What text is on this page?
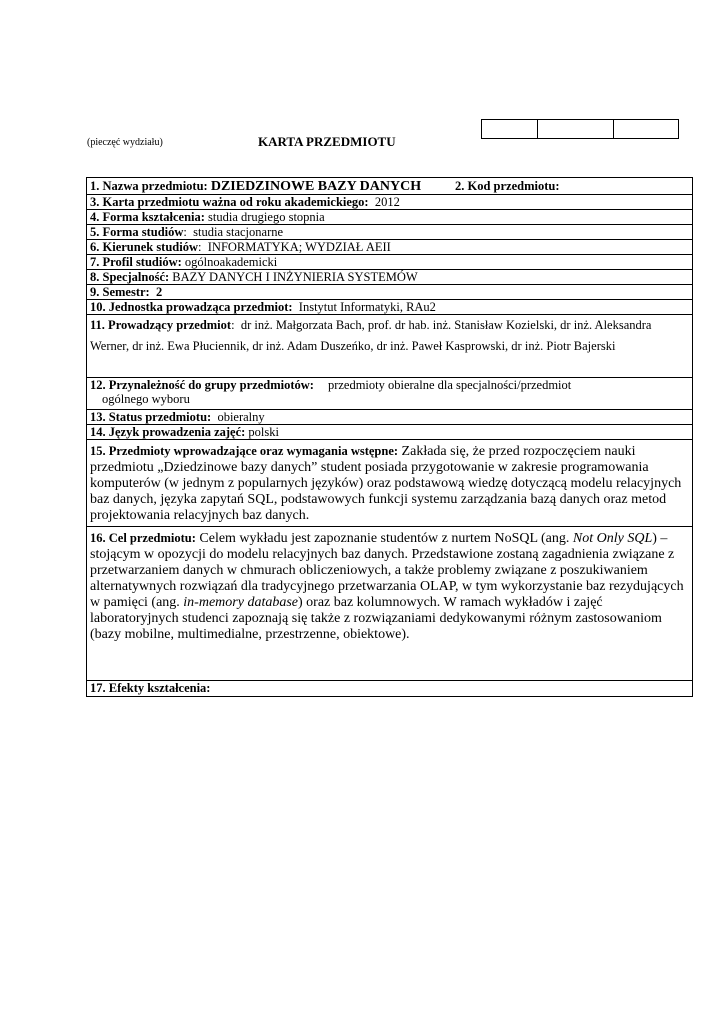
(pieczęć wydziału)	KARTA PRZEDMIOTU
1. Nazwa przedmiotu: DZIEDZINOWE BAZY DANYCH	2. Kod przedmiotu:
3. Karta przedmiotu ważna od roku akademickiego: 2012
4. Forma kształcenia: studia drugiego stopnia
5. Forma studiów:  studia stacjonarne
6. Kierunek studiów:  INFORMATYKA; WYDZIAŁ AEII
7. Profil studiów: ogólnoakademicki
8. Specjalność: BAZY DANYCH I INŻYNIERIA SYSTEMÓW
9. Semestr: 2
10. Jednostka prowadząca przedmiot: Instytut Informatyki, RAu2
11. Prowadzący przedmiot:  dr inż. Małgorzata Bach, prof. dr hab. inż. Stanisław Kozielski, dr inż. Aleksandra Werner, dr inż. Ewa Płuciennik, dr inż. Adam Duszeńko, dr inż. Paweł Kasprowski, dr inż. Piotr Bajerski
12. Przynależność do grupy przedmiotów: przedmioty obieralne dla specjalności/przedmiot
ogólnego wyboru
13. Status przedmiotu: obieralny
14. Język prowadzenia zajęć: polski
15. Przedmioty wprowadzające oraz wymagania wstępne: Zakłada się, że przed rozpoczęciem nauki przedmiotu „Dziedzinowe bazy danych” student posiada przygotowanie w zakresie programowania komputerów (w jednym z popularnych języków) oraz podstawową wiedzę dotyczącą modelu relacyjnych baz danych, języka zapytań SQL, podstawowych funkcji systemu zarządzania bazą danych oraz metod projektowania relacyjnych baz danych.
16. Cel przedmiotu: Celem wykładu jest zapoznanie studentów z nurtem NoSQL (ang. Not Only SQL) – stojącym w opozycji do modelu relacyjnych baz danych. Przedstawione zostaną zagadnienia związane z przetwarzaniem danych w chmurach obliczeniowych, a także problemy związane z poszukiwaniem alternatywnych rozwiązań dla tradycyjnego przetwarzania OLAP, w tym wykorzystanie baz rezydujących w pamięci (ang. in-memory database) oraz baz kolumnowych. W ramach wykładów i zajęć laboratoryjnych studenci zapoznają się także z rozwiązaniami dedykowanymi różnym zastosowaniom (bazy mobilne, multimedialne, przestrzenne, obiektowe).
17. Efekty kształcenia:
